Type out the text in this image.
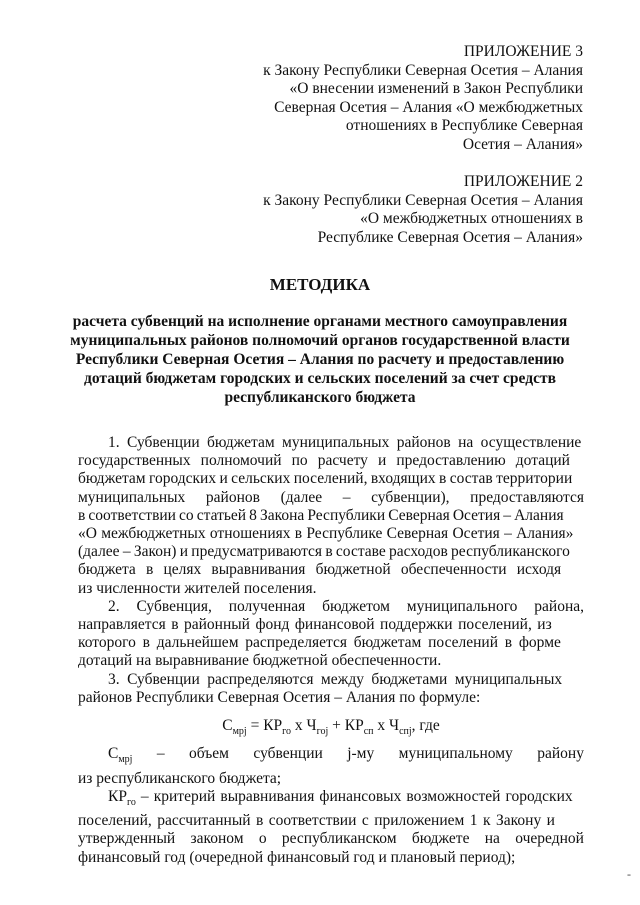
ПРИЛОЖЕНИЕ 3
к Закону Республики Северная Осетия – Алания
«О внесении изменений в Закон Республики
Северная Осетия – Алания «О межбюджетных
отношениях в Республике Северная
Осетия – Алания»
ПРИЛОЖЕНИЕ 2
к Закону Республики Северная Осетия – Алания
«О межбюджетных отношениях в
Республике Северная Осетия – Алания»
МЕТОДИКА
расчета субвенций на исполнение органами местного самоуправления
муниципальных районов полномочий органов государственной власти
Республики Северная Осетия – Алания по расчету и предоставлению
дотаций бюджетам городских и сельских поселений за счет средств
республиканского бюджета
1. Субвенции бюджетам муниципальных районов на осуществление
государственных полномочий по расчету и предоставлению дотаций
бюджетам городских и сельских поселений, входящих в состав территории
муниципальных районов (далее – субвенции), предоставляются
в соответствии со статьей 8 Закона Республики Северная Осетия – Алания
«О межбюджетных отношениях в Республике Северная Осетия – Алания»
(далее – Закон) и предусматриваются в составе расходов республиканского
бюджета в целях выравнивания бюджетной обеспеченности исходя
из численности жителей поселения.
2. Субвенция, полученная бюджетом муниципального района,
направляется в районный фонд финансовой поддержки поселений, из
которого в дальнейшем распределяется бюджетам поселений в форме
дотаций на выравнивание бюджетной обеспеченности.
3. Субвенции распределяются между бюджетами муниципальных
районов Республики Северная Осетия – Алания по формуле:
$С_{мрj} = КР_{го}$ х $Ч_{гоj} + КР_{сп}$ х $Ч_{спj}$, где
$С_{мрj}$ – объем субвенции j-му муниципальному району
из республиканского бюджета;
$КР_{го}$ – критерий выравнивания финансовых возможностей городских
поселений, рассчитанный в соответствии с приложением 1 к Закону и
утвержденный законом о республиканском бюджете на очередной
финансовый год (очередной финансовый год и плановый период);
-
